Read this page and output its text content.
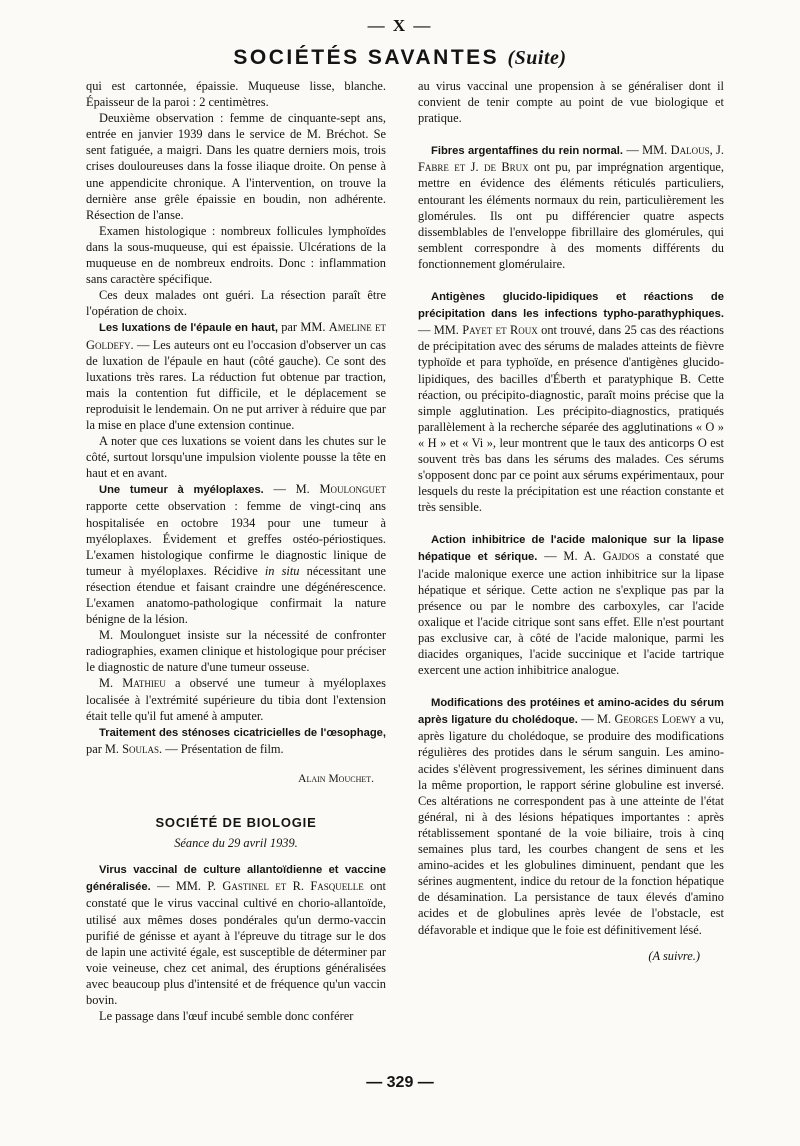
— X —
SOCIÉTÉS SAVANTES (Suite)

qui est cartonnée, épaissie. Muqueuse lisse, blanche. Épaisseur de la paroi : 2 centimètres.

Deuxième observation : femme de cinquante-sept ans, entrée en janvier 1939 dans le service de M. Bréchot. Se sent fatiguée, a maigri. Dans les quatre derniers mois, trois crises douloureuses dans la fosse iliaque droite. On pense à une appendicite chronique. A l'intervention, on trouve la dernière anse grêle épaissie en boudin, non adhérente. Résection de l'anse.

Examen histologique : nombreux follicules lymphoïdes dans la sous-muqueuse, qui est épaissie. Ulcérations de la muqueuse en de nombreux endroits. Donc : inflammation sans caractère spécifique.

Ces deux malades ont guéri. La résection paraît être l'opération de choix.

Les luxations de l'épaule en haut, par MM. Ameline et Goldefy. — Les auteurs ont eu l'occasion d'observer un cas de luxation de l'épaule en haut (côté gauche). Ce sont des luxations très rares. La réduction fut obtenue par traction, mais la contention fut difficile, et le déplacement se reproduisit le lendemain. On ne put arriver à réduire que par la mise en place d'une extension continue.

A noter que ces luxations se voient dans les chutes sur le côté, surtout lorsqu'une impulsion violente pousse la tête en haut et en avant.

Une tumeur à myéloplaxes. — M. Moulonguet rapporte cette observation : femme de vingt-cinq ans hospitalisée en octobre 1934 pour une tumeur à myéloplaxes. Évidement et greffes ostéo-périostiques. L'examen histologique confirme le diagnostic linique de tumeur à myéloplaxes. Récidive in situ nécessitant une résection étendue et faisant craindre une dégénérescence. L'examen anatomo-pathologique confirmait la nature bénigne de la lésion.

M. Moulonguet insiste sur la nécessité de confronter radiographies, examen clinique et histologique pour préciser le diagnostic de nature d'une tumeur osseuse.

M. Mathieu a observé une tumeur à myéloplaxes localisée à l'extrémité supérieure du tibia dont l'extension était telle qu'il fut amené à amputer.

Traitement des sténoses cicatricielles de l'œsophage, par M. Soulas. — Présentation de film.

Alain Mouchet.

SOCIÉTÉ DE BIOLOGIE

Séance du 29 avril 1939.

Virus vaccinal de culture allantoïdienne et vaccine généralisée. — MM. P. Gastinel et R. Fasquelle ont constaté que le virus vaccinal cultivé en chorio-allantoïde, utilisé aux mêmes doses pondérales qu'un dermo-vaccin purifié de génisse et ayant à l'épreuve du titrage sur le dos de lapin une activité égale, est susceptible de déterminer par voie veineuse, chez cet animal, des éruptions généralisées avec beaucoup plus d'intensité et de fréquence qu'un vaccin bovin.

Le passage dans l'œuf incubé semble donc conférer

au virus vaccinal une propension à se généraliser dont il convient de tenir compte au point de vue biologique et pratique.

Fibres argentaffines du rein normal. — MM. Dalous, J. Fabre et J. de Brux ont pu, par imprégnation argentique, mettre en évidence des éléments réticulés particuliers, entourant les éléments normaux du rein, particulièrement les glomérules. Ils ont pu différencier quatre aspects dissemblables de l'enveloppe fibrillaire des glomérules, qui semblent correspondre à des moments différents du fonctionnement glomérulaire.

Antigènes glucido-lipidiques et réactions de précipitation dans les infections typho-parathyphiques. — MM. Payet et Roux ont trouvé, dans 25 cas des réactions de précipitation avec des sérums de malades atteints de fièvre typhoïde et para typhoïde, en présence d'antigènes glucido-lipidiques, des bacilles d'Éberth et paratyphique B. Cette réaction, ou précipito-diagnostic, paraît moins précise que la simple agglutination. Les précipito-diagnostics, pratiqués parallèlement à la recherche séparée des agglutinations « O » « H » et « Vi », leur montrent que le taux des anticorps O est souvent très bas dans les sérums des malades. Ces sérums s'opposent donc par ce point aux sérums expérimentaux, pour lesquels du reste la précipitation est une réaction constante et très sensible.

Action inhibitrice de l'acide malonique sur la lipase hépatique et sérique. — M. A. Gajdos a constaté que l'acide malonique exerce une action inhibitrice sur la lipase hépatique et sérique. Cette action ne s'explique pas par la présence ou par le nombre des carboxyles, car l'acide oxalique et l'acide citrique sont sans effet. Elle n'est pourtant pas exclusive car, à côté de l'acide malonique, parmi les diacides organiques, l'acide succinique et l'acide tartrique exercent une action inhibitrice analogue.

Modifications des protéines et amino-acides du sérum après ligature du cholédoque. — M. Georges Loewy a vu, après ligature du cholédoque, se produire des modifications régulières des protides dans le sérum sanguin. Les amino-acides s'élèvent progressivement, les sérines diminuent dans la même proportion, le rapport sérine globuline est inversé. Ces altérations ne correspondent pas à une atteinte de l'état général, ni à des lésions hépatiques importantes : après rétablissement spontané de la voie biliaire, trois à cinq semaines plus tard, les courbes changent de sens et les amino-acides et les globulines diminuent, pendant que les sérines augmentent, indice du retour de la fonction hépatique de désamination. La persistance de taux élevés d'amino acides et de globulines après levée de l'obstacle, est défavorable et indique que le foie est définitivement lésé.

(A suivre.)

— 329 —
